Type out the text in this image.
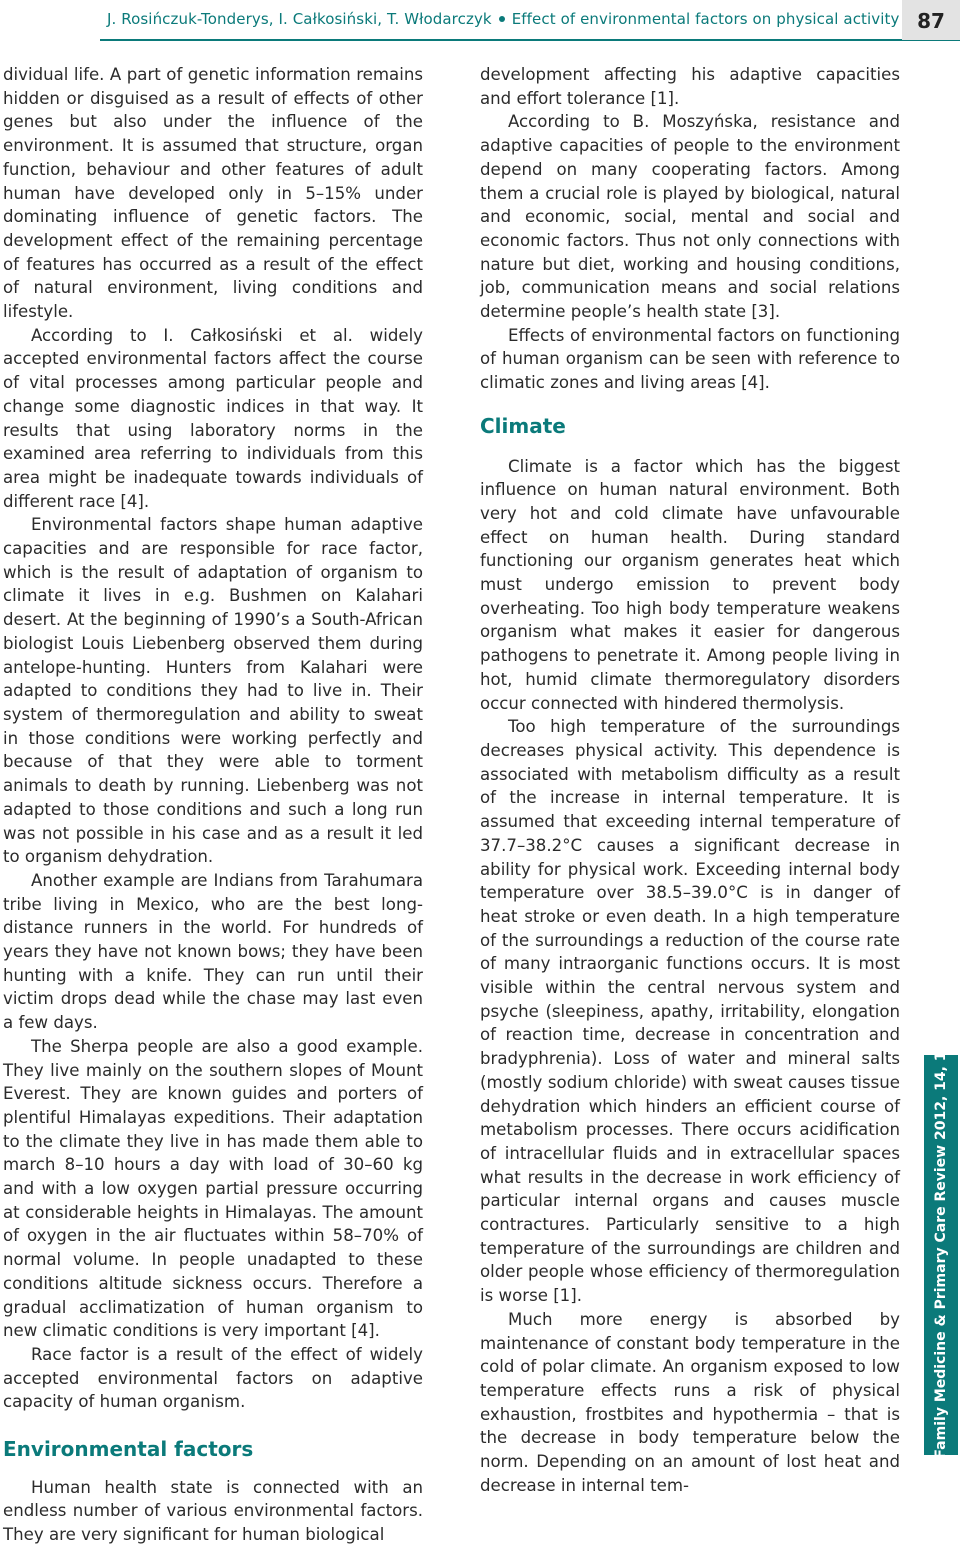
J. Rosińczuk-Tonderys, I. Całkosiński, T. Włodarczyk Effect of environmental factors on physical activity 87

dividual life. A part of genetic information remains hidden or disguised as a result of effects of other genes but also under the influence of the environment. It is assumed that structure, organ function, behaviour and other features of adult human have developed only in 5–15% under dominating influence of genetic factors. The development effect of the remaining percentage of features has occurred as a result of the effect of natural environment, living conditions and lifestyle.

According to I. Całkosiński et al. widely accepted environmental factors affect the course of vital processes among particular people and change some diagnostic indices in that way. It results that using laboratory norms in the examined area referring to individuals from this area might be inadequate towards individuals of different race [4].

Environmental factors shape human adaptive capacities and are responsible for race factor, which is the result of adaptation of organism to climate it lives in e.g. Bushmen on Kalahari desert. At the beginning of 1990’s a South-African biologist Louis Liebenberg observed them during antelope-hunting. Hunters from Kalahari were adapted to conditions they had to live in. Their system of thermoregulation and ability to sweat in those conditions were working perfectly and because of that they were able to torment animals to death by running. Liebenberg was not adapted to those conditions and such a long run was not possible in his case and as a result it led to organism dehydration.

Another example are Indians from Tarahumara tribe living in Mexico, who are the best long-distance runners in the world. For hundreds of years they have not known bows; they have been hunting with a knife. They can run until their victim drops dead while the chase may last even a few days.

The Sherpa people are also a good example. They live mainly on the southern slopes of Mount Everest. They are known guides and porters of plentiful Himalayas expeditions. Their adaptation to the climate they live in has made them able to march 8–10 hours a day with load of 30–60 kg and with a low oxygen partial pressure occurring at considerable heights in Himalayas. The amount of oxygen in the air fluctuates within 58–70% of normal volume. In people unadapted to these conditions altitude sickness occurs. Therefore a gradual acclimatization of human organism to new climatic conditions is very important [4].

Race factor is a result of the effect of widely accepted environmental factors on adaptive capacity of human organism.

Environmental factors

Human health state is connected with an endless number of various environmental factors. They are very significant for human biological

development affecting his adaptive capacities and effort tolerance [1].

According to B. Moszyńska, resistance and adaptive capacities of people to the environment depend on many cooperating factors. Among them a crucial role is played by biological, natural and economic, social, mental and social and economic factors. Thus not only connections with nature but diet, working and housing conditions, job, communication means and social relations determine people’s health state [3].

Effects of environmental factors on functioning of human organism can be seen with reference to climatic zones and living areas [4].

Climate

Climate is a factor which has the biggest influence on human natural environment. Both very hot and cold climate have unfavourable effect on human health. During standard functioning our organism generates heat which must undergo emission to prevent body overheating. Too high body temperature weakens organism what makes it easier for dangerous pathogens to penetrate it. Among people living in hot, humid climate thermoregulatory disorders occur connected with hindered thermolysis.

Too high temperature of the surroundings decreases physical activity. This dependence is associated with metabolism difficulty as a result of the increase in internal temperature. It is assumed that exceeding internal temperature of 37.7–38.2°C causes a significant decrease in ability for physical work. Exceeding internal body temperature over 38.5–39.0°C is in danger of heat stroke or even death. In a high temperature of the surroundings a reduction of the course rate of many intraorganic functions occurs. It is most visible within the central nervous system and psyche (sleepiness, apathy, irritability, elongation of reaction time, decrease in concentration and bradyphrenia). Loss of water and mineral salts (mostly sodium chloride) with sweat causes tissue dehydration which hinders an efficient course of metabolism processes. There occurs acidification of intracellular fluids and in extracellular spaces what results in the decrease in work efficiency of particular internal organs and causes muscle contractures. Particularly sensitive to a high temperature of the surroundings are children and older people whose efficiency of thermoregulation is worse [1].

Much more energy is absorbed by maintenance of constant body temperature in the cold of polar climate. An organism exposed to low temperature effects runs a risk of physical exhaustion, frostbites and hypothermia – that is the decrease in body temperature below the norm. Depending on an amount of lost heat and decrease in internal tem-

Family Medicine & Primary Care Review 2012, 14, 1
